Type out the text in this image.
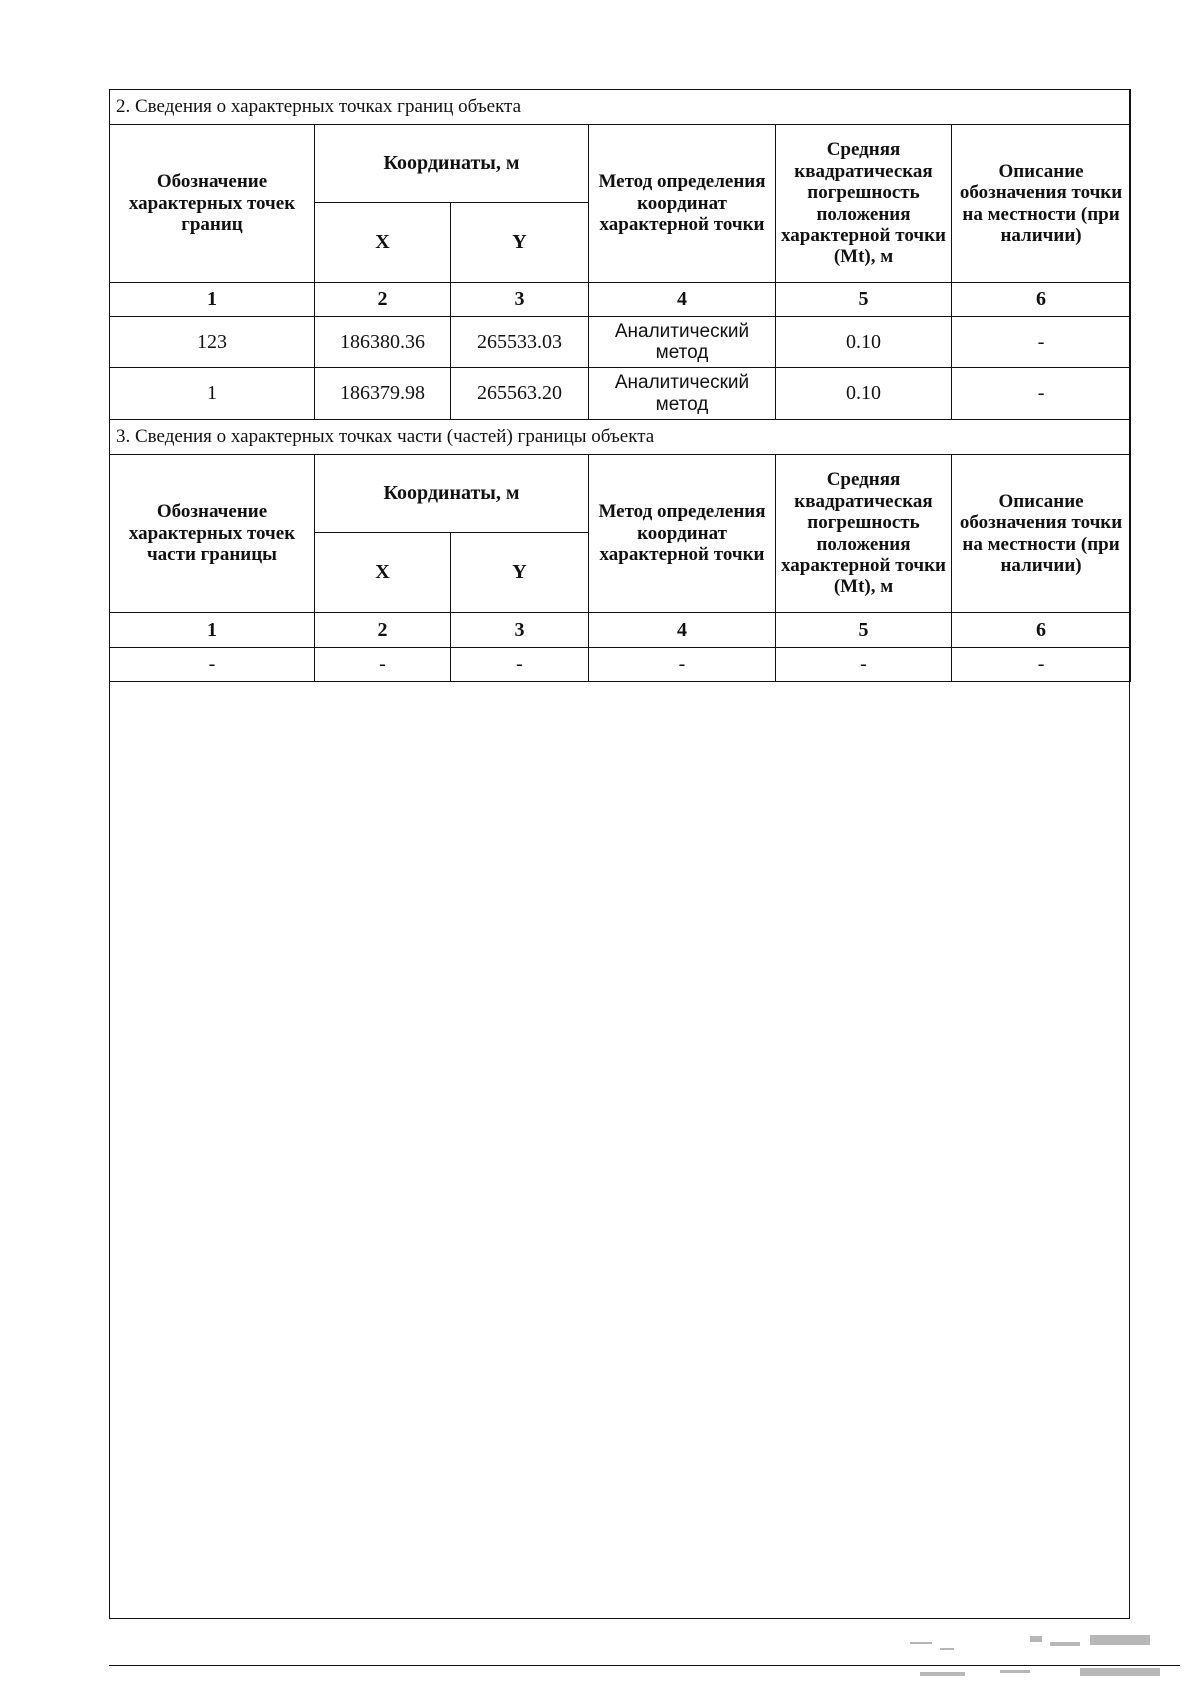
2. Сведения о характерных точках границ объекта					
Обозначение характерных точек границ	Координаты, м		Метод определения координат характерной точки	Средняя квадратическая погрешность положения характерной точки (Mt), м	Описание обозначения точки на местности (при наличии)
	X	Y			
1	2	3	4	5	6
123	186380.36	265533.03	Аналитический метод	0.10	-
1	186379.98	265563.20	Аналитический метод	0.10	-
3. Сведения о характерных точках части (частей) границы объекта					
Обозначение характерных точек части границы	Координаты, м		Метод определения координат характерной точки	Средняя квадратическая погрешность положения характерной точки (Mt), м	Описание обозначения точки на местности (при наличии)
	X	Y			
1	2	3	4	5	6
-	-	-	-	-	-
